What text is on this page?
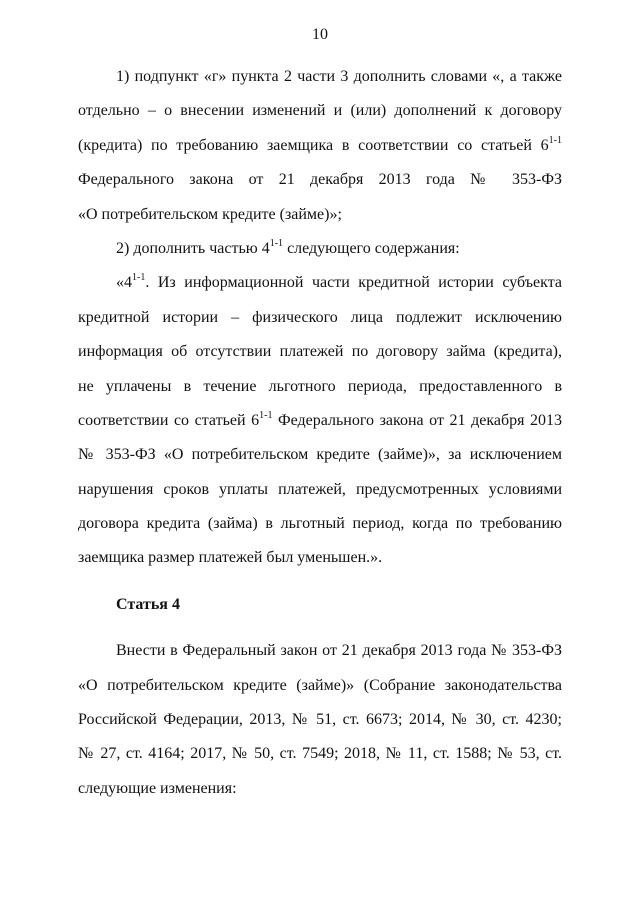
10
1) подпункт «г» пункта 2 части 3 дополнить словами «, а также
отдельно – о внесении изменений и (или) дополнений к договору
(кредита) по требованию заемщика в соответствии со статьей 6$^{1-1}$
Федерального закона от 21 декабря 2013 года № 353-ФЗ
«О потребительском кредите (займе)»;
2) дополнить частью 4$^{1-1}$ следующего содержания:
«4$^{1-1}$. Из информационной части кредитной истории субъекта
кредитной истории – физического лица подлежит исключению
информация об отсутствии платежей по договору займа (кредита),
не уплачены в течение льготного периода, предоставленного в
соответствии со статьей 6$^{1-1}$ Федерального закона от 21 декабря 2013
№ 353-ФЗ «О потребительском кредите (займе)», за исключением
нарушения сроков уплаты платежей, предусмотренных условиями
договора кредита (займа) в льготный период, когда по требованию
заемщика размер платежей был уменьшен.».
Статья 4
Внести в Федеральный закон от 21 декабря 2013 года № 353-ФЗ
«О потребительском кредите (займе)» (Собрание законодательства
Российской Федерации, 2013, № 51, ст. 6673; 2014, № 30, ст. 4230;
№ 27, ст. 4164; 2017, № 50, ст. 7549; 2018, № 11, ст. 1588; № 53, ст.
следующие изменения:
